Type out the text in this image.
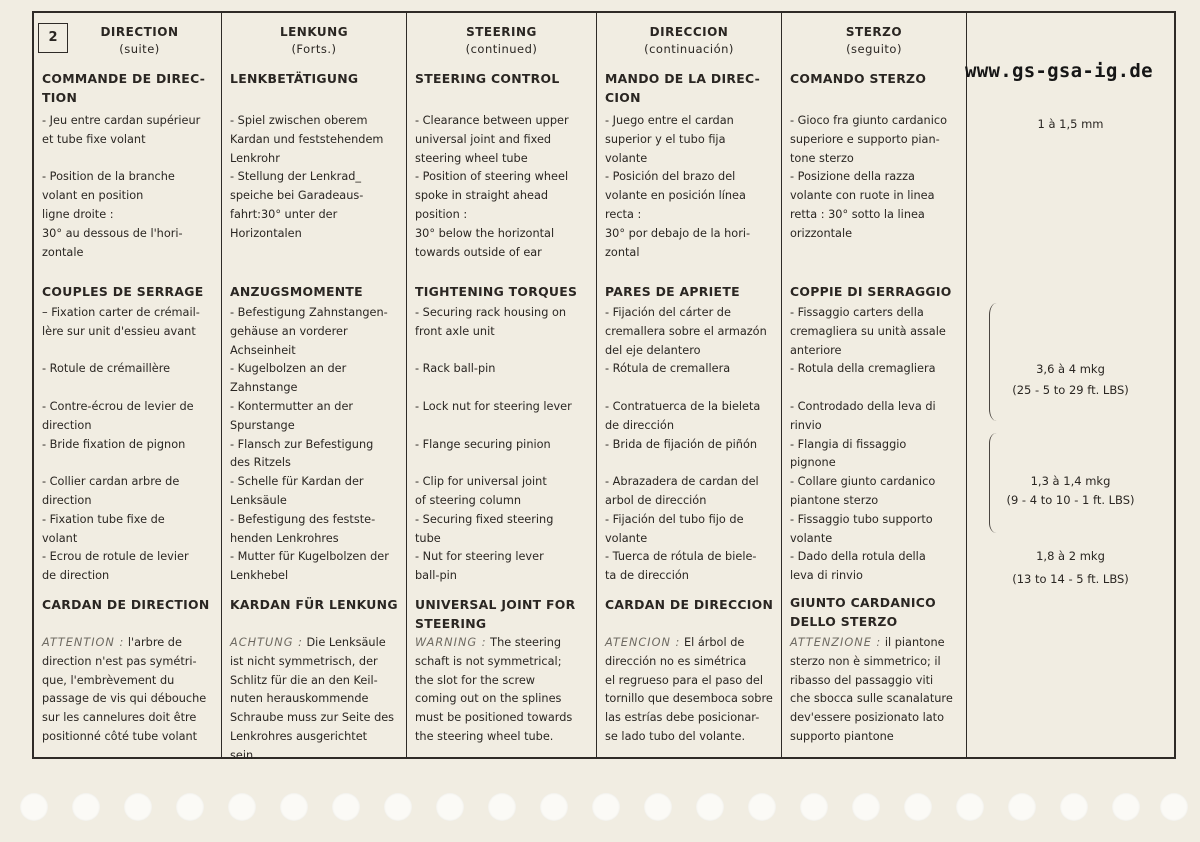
2	DIRECTION
(suite)
COMMANDE DE DIREC-
TION
- Jeu entre cardan supérieur
et tube fixe volant

- Position de la branche
volant en position
ligne droite :
30° au dessous de l'hori-
zontale
COUPLES DE SERRAGE
– Fixation carter de crémail-
lère sur unit d'essieu avant

- Rotule de crémaillère

- Contre-écrou de levier de
direction
- Bride fixation de pignon

- Collier cardan arbre de
direction
- Fixation tube fixe de
volant
- Ecrou de rotule de levier
de direction
CARDAN DE DIRECTION
ATTENTION : l'arbre de
direction n'est pas symétri-
que, l'embrèvement du
passage de vis qui débouche
sur les cannelures doit être
positionné côté tube volant
LENKUNG
(Forts.)
LENKBETÄTIGUNG
- Spiel zwischen oberem
Kardan und feststehendem
Lenkrohr
- Stellung der Lenkrad_
speiche bei Garadeaus-
fahrt:30° unter der
Horizontalen
ANZUGSMOMENTE
- Befestigung Zahnstangen-
gehäuse an vorderer
Achseinheit
- Kugelbolzen an der
Zahnstange
- Kontermutter an der
Spurstange
- Flansch zur Befestigung
des Ritzels
- Schelle für Kardan der
Lenksäule
- Befestigung des festste-
henden Lenkrohres
- Mutter für Kugelbolzen der
Lenkhebel
KARDAN FÜR LENKUNG
ACHTUNG : Die Lenksäule
ist nicht symmetrisch, der
Schlitz für die an den Keil-
nuten herauskommende
Schraube muss zur Seite des
Lenkrohres ausgerichtet
sein.
STEERING
(continued)
STEERING CONTROL
- Clearance between upper
universal joint and fixed
steering wheel tube
- Position of steering wheel
spoke in straight ahead
position :
30° below the horizontal
towards outside of ear
TIGHTENING TORQUES
- Securing rack housing on
front axle unit

- Rack ball-pin

- Lock nut for steering lever

- Flange securing pinion

- Clip for universal joint
of steering column
- Securing fixed steering
tube
- Nut for steering lever
ball-pin
UNIVERSAL JOINT FOR
STEERING
WARNING : The steering
schaft is not symmetrical;
the slot for the screw
coming out on the splines
must be positioned towards
the steering wheel tube.
DIRECCION
(continuación)
MANDO DE LA DIREC-
CION
- Juego entre el cardan
superior y el tubo fija
volante
- Posición del brazo del
volante en posición línea
recta :
30° por debajo de la hori-
zontal
PARES DE APRIETE
- Fijación del cárter de
cremallera sobre el armazón
del eje delantero
- Rótula de cremallera

- Contratuerca de la bieleta
de dirección
- Brida de fijación de piñón

- Abrazadera de cardan del
arbol de dirección
- Fijación del tubo fijo de
volante
- Tuerca de rótula de biele-
ta de dirección
CARDAN DE DIRECCION
ATENCION : El árbol de
dirección no es simétrica
el regrueso para el paso del
tornillo que desemboca sobre
las estrías debe posicionar-
se lado tubo del volante.
STERZO
(seguito)
COMANDO STERZO
- Gioco fra giunto cardanico
superiore e supporto pian-
tone sterzo
- Posizione della razza
volante con ruote in linea
retta : 30° sotto la linea
orizzontale
COPPIE DI SERRAGGIO
- Fissaggio carters della
cremagliera su unità assale
anteriore
- Rotula della cremagliera

- Controdado della leva di
rinvio
- Flangia di fissaggio
pignone
- Collare giunto cardanico
piantone sterzo
- Fissaggio tubo supporto
volante
- Dado della rotula della
leva di rinvio
GIUNTO CARDANICO
DELLO STERZO
ATTENZIONE : il piantone
sterzo non è simmetrico; il
ribasso del passaggio viti
che sbocca sulle scanalature
dev'essere posizionato lato
supporto piantone
1 à 1,5 mm
3,6 à 4 mkg
(25 - 5 to 29 ft. LBS)
1,3 à 1,4 mkg
(9 - 4 to 10 - 1 ft. LBS)
1,8 à 2 mkg
(13 to 14 - 5 ft. LBS)
www.gs-gsa-ig.de
